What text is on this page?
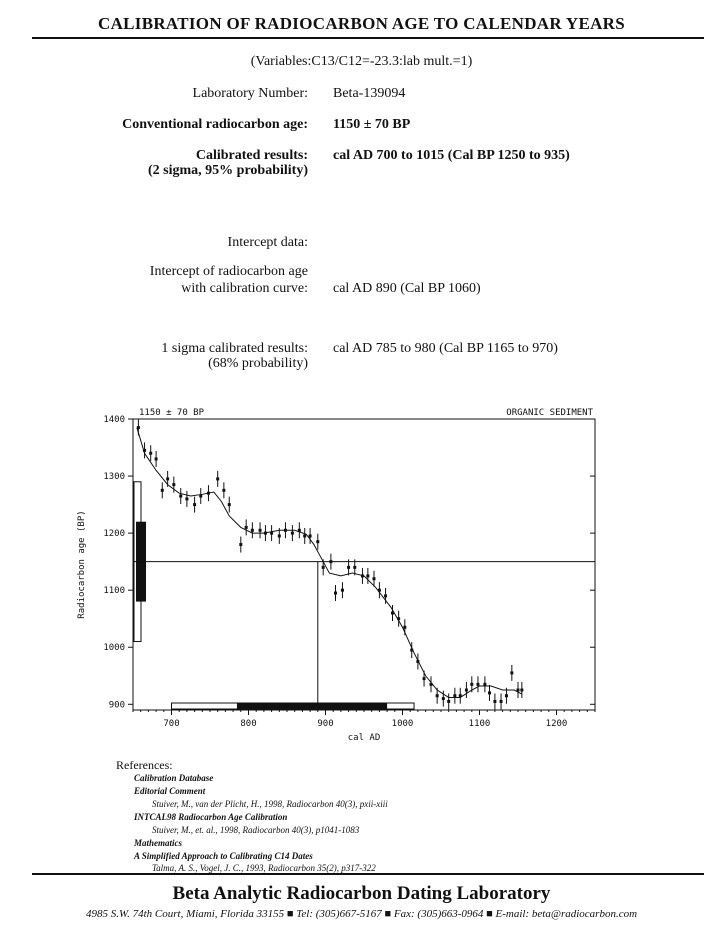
CALIBRATION OF RADIOCARBON AGE TO CALENDAR YEARS
(Variables:C13/C12=-23.3:lab mult.=1)
Laboratory Number: Beta-139094
Conventional radiocarbon age: 1150 ± 70 BP
Calibrated results:
(2 sigma, 95% probability)
cal AD 700 to 1015 (Cal BP 1250 to 935)
Intercept data:
Intercept of radiocarbon age
with calibration curve: cal AD 890 (Cal BP 1060)
1 sigma calibrated results:
(68% probability)
cal AD 785 to 980 (Cal BP 1165 to 970)
1150 ± 70 BP	ORGANIC SEDIMENT
700	800	900	1000	1100	1200
900
1000
1100
1200
1300
1400
cal AD
Radiocarbon age (BP)
References:
Calibration Database
Editorial Comment
Stuiver, M., van der Plicht, H., 1998, Radiocarbon 40(3), pxii-xiii
INTCAL98 Radiocarbon Age Calibration
Stuiver, M., et. al., 1998, Radiocarbon 40(3), p1041-1083
Mathematics
A Simplified Approach to Calibrating C14 Dates
Talma, A. S., Vogel, J. C., 1993, Radiocarbon 35(2), p317-322
Beta Analytic Radiocarbon Dating Laboratory
4985 S.W. 74th Court, Miami, Florida 33155 ■ Tel: (305)667-5167 ■ Fax: (305)663-0964 ■ E-mail: beta@radiocarbon.com
